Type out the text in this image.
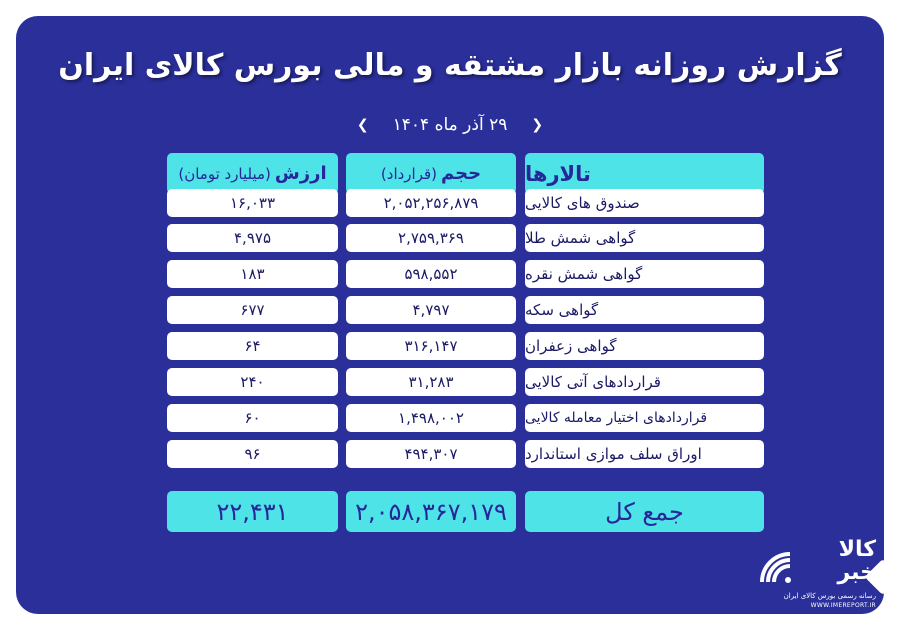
گزارش روزانه بازار مشتقه و مالی بورس کالای ایران
❮ ۲۹ آذر ماه ۱۴۰۴ ❯
تالارها
حجم
(قرارداد)
ارزش
(میلیارد تومان)
صندوق های کالایی
۲,۰۵۲,۲۵۶,۸۷۹
۱۶,۰۳۳
گواهی شمش طلا
۲,۷۵۹,۳۶۹
۴,۹۷۵
گواهی شمش نقره
۵۹۸,۵۵۲
۱۸۳
گواهی سکه
۴,۷۹۷
۶۷۷
گواهی زعفران
۳۱۶,۱۴۷
۶۴
قراردادهای آتی کالایی
۳۱,۲۸۳
۲۴۰
قراردادهای اختیار معامله کالایی
۱,۴۹۸,۰۰۲
۶۰
اوراق سلف موازی استاندارد
۴۹۴,۳۰۷
۹۶
جمع کل
۲,۰۵۸,۳۶۷,۱۷۹
۲۲,۴۳۱
کالا خبر
رسانه رسمی بورس کالای ایران
WWW.IMEREPORT.IR
